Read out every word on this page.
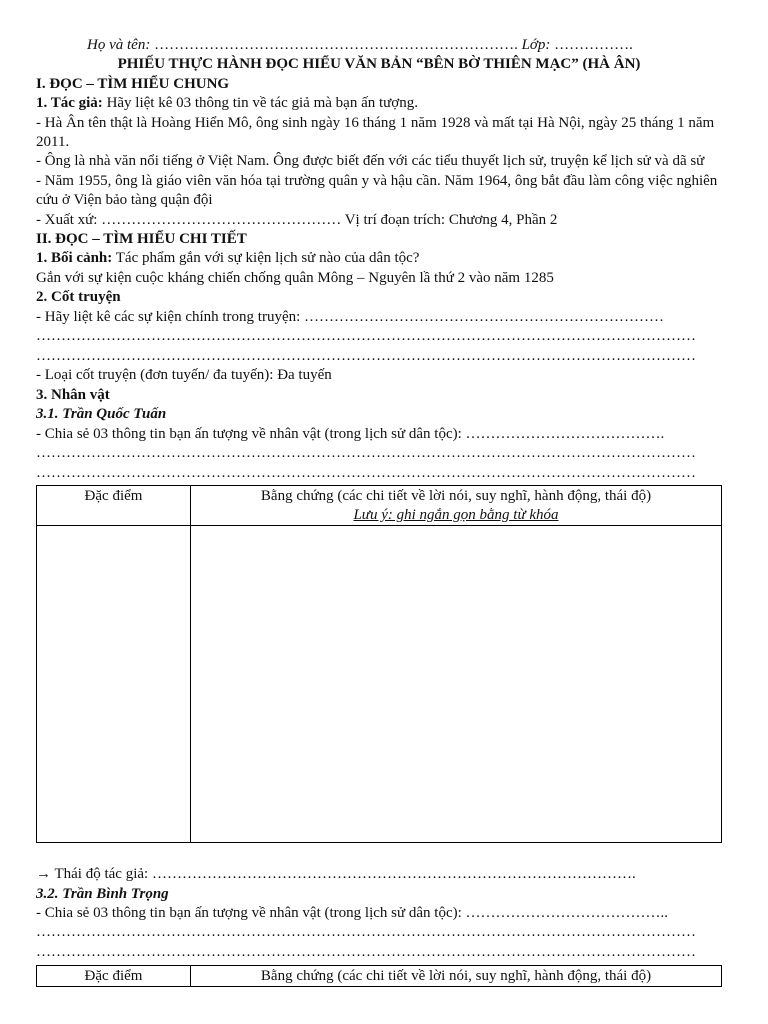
Họ và tên: ………………………………………………………………. Lớp: …………….
PHIẾU THỰC HÀNH ĐỌC HIỂU VĂN BẢN “BÊN BỜ THIÊN MẠC” (HÀ ÂN)
I. ĐỌC – TÌM HIỂU CHUNG
1. Tác giả: Hãy liệt kê 03 thông tin về tác giả mà bạn ấn tượng.
- Hà Ân tên thật là Hoàng Hiển Mô, ông sinh ngày 16 tháng 1 năm 1928 và mất tại Hà Nội, ngày 25 tháng 1 năm 2011.
- Ông là nhà văn nổi tiếng ở Việt Nam. Ông được biết đến với các tiểu thuyết lịch sử, truyện kể lịch sử và dã sử
- Năm 1955, ông là giáo viên văn hóa tại trường quân y và hậu cần. Năm 1964, ông bắt đầu làm công việc nghiên cứu ở Viện bảo tàng quận đội
- Xuất xứ: ………………………………………… Vị trí đoạn trích: Chương 4, Phần 2
II. ĐỌC – TÌM HIỂU CHI TIẾT
1. Bối cảnh: Tác phẩm gắn với sự kiện lịch sử nào của dân tộc?
Gắn với sự kiện cuộc kháng chiến chống quân Mông – Nguyên lầ thứ 2 vào năm 1285
2. Cốt truyện
- Hãy liệt kê các sự kiện chính trong truyện: ………………………………………………………………
……………………………………………………………………………………………………………………
……………………………………………………………………………………………………………………
- Loại cốt truyện (đơn tuyến/ đa tuyến): Đa tuyến
3. Nhân vật
3.1. Trần Quốc Tuấn
- Chia sẻ 03 thông tin bạn ấn tượng về nhân vật (trong lịch sử dân tộc): ………………………………….
……………………………………………………………………………………………………………………
……………………………………………………………………………………………………………………
Đặc điểm	Bằng chứng (các chi tiết về lời nói, suy nghĩ, hành động, thái độ)
Lưu ý: ghi ngắn gọn bằng từ khóa

→ Thái độ tác giả: …………………………………………………………………………………….
3.2. Trần Bình Trọng
- Chia sẻ 03 thông tin bạn ấn tượng về nhân vật (trong lịch sử dân tộc): …………………………………..
……………………………………………………………………………………………………………………
……………………………………………………………………………………………………………………
Đặc điểm	Bằng chứng (các chi tiết về lời nói, suy nghĩ, hành động, thái độ)
